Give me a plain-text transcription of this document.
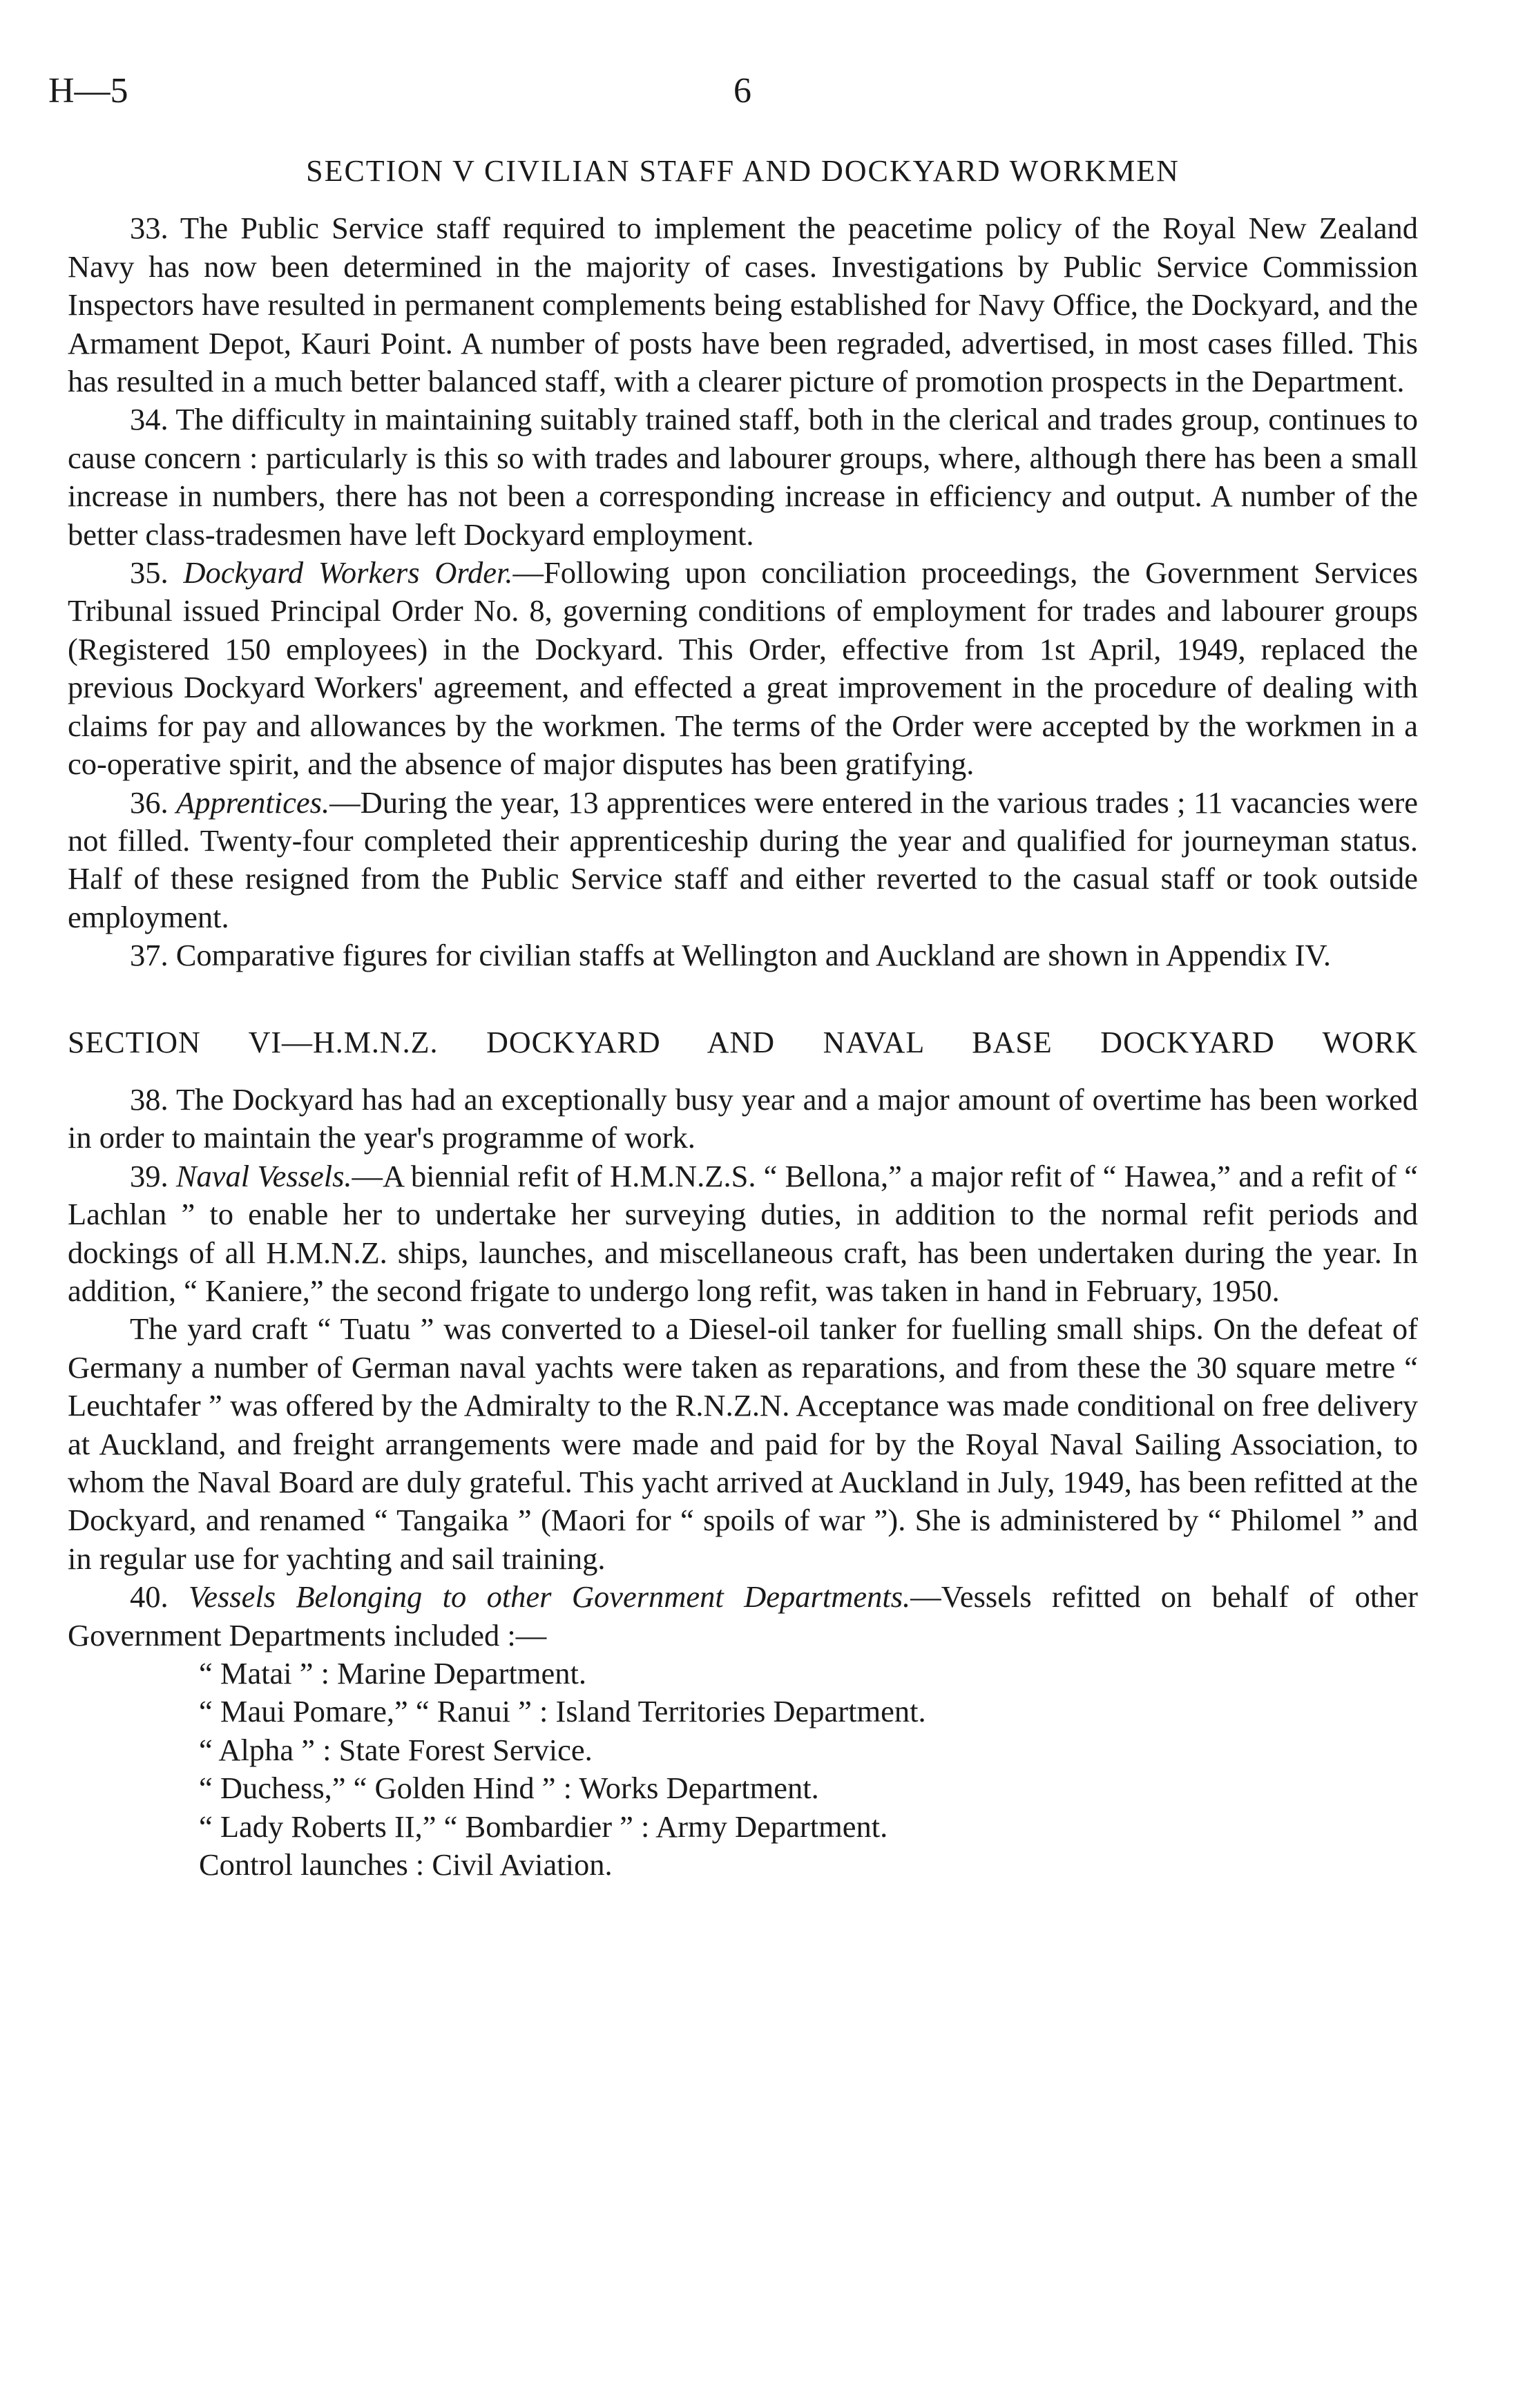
H—5	6
SECTION V CIVILIAN STAFF AND DOCKYARD WORKMEN

33. The Public Service staff required to implement the peacetime policy of the Royal New Zealand Navy has now been determined in the majority of cases. Investigations by Public Service Commission Inspectors have resulted in permanent complements being established for Navy Office, the Dockyard, and the Armament Depot, Kauri Point. A number of posts have been regraded, advertised, in most cases filled. This has resulted in a much better balanced staff, with a clearer picture of promotion prospects in the Department.

34. The difficulty in maintaining suitably trained staff, both in the clerical and trades group, continues to cause concern : particularly is this so with trades and labourer groups, where, although there has been a small increase in numbers, there has not been a corresponding increase in efficiency and output. A number of the better class-tradesmen have left Dockyard employment.

35. Dockyard Workers Order.—Following upon conciliation proceedings, the Government Services Tribunal issued Principal Order No. 8, governing conditions of employment for trades and labourer groups (Registered 150 employees) in the Dockyard. This Order, effective from 1st April, 1949, replaced the previous Dockyard Workers' agreement, and effected a great improvement in the procedure of dealing with claims for pay and allowances by the workmen. The terms of the Order were accepted by the workmen in a co-operative spirit, and the absence of major disputes has been gratifying.

36. Apprentices.—During the year, 13 apprentices were entered in the various trades ; 11 vacancies were not filled. Twenty-four completed their apprenticeship during the year and qualified for journeyman status. Half of these resigned from the Public Service staff and either reverted to the casual staff or took outside employment.

37. Comparative figures for civilian staffs at Wellington and Auckland are shown in Appendix IV.

SECTION VI—H.M.N.Z. DOCKYARD AND NAVAL BASE DOCKYARD WORK

38. The Dockyard has had an exceptionally busy year and a major amount of overtime has been worked in order to maintain the year's programme of work.

39. Naval Vessels.—A biennial refit of H.M.N.Z.S. “ Bellona,” a major refit of “ Hawea,” and a refit of “ Lachlan ” to enable her to undertake her surveying duties, in addition to the normal refit periods and dockings of all H.M.N.Z. ships, launches, and miscellaneous craft, has been undertaken during the year. In addition, “ Kaniere,” the second frigate to undergo long refit, was taken in hand in February, 1950.

The yard craft “ Tuatu ” was converted to a Diesel-oil tanker for fuelling small ships. On the defeat of Germany a number of German naval yachts were taken as reparations, and from these the 30 square metre “ Leuchtafer ” was offered by the Admiralty to the R.N.Z.N. Acceptance was made conditional on free delivery at Auckland, and freight arrangements were made and paid for by the Royal Naval Sailing Association, to whom the Naval Board are duly grateful. This yacht arrived at Auckland in July, 1949, has been refitted at the Dockyard, and renamed “ Tangaika ” (Maori for “ spoils of war ”). She is administered by “ Philomel ” and in regular use for yachting and sail training.

40. Vessels Belonging to other Government Departments.—Vessels refitted on behalf of other Government Departments included :—

“ Matai ” : Marine Department.
“ Maui Pomare,” “ Ranui ” : Island Territories Department.
“ Alpha ” : State Forest Service.
“ Duchess,” “ Golden Hind ” : Works Department.
“ Lady Roberts II,” “ Bombardier ” : Army Department.
Control launches : Civil Aviation.
